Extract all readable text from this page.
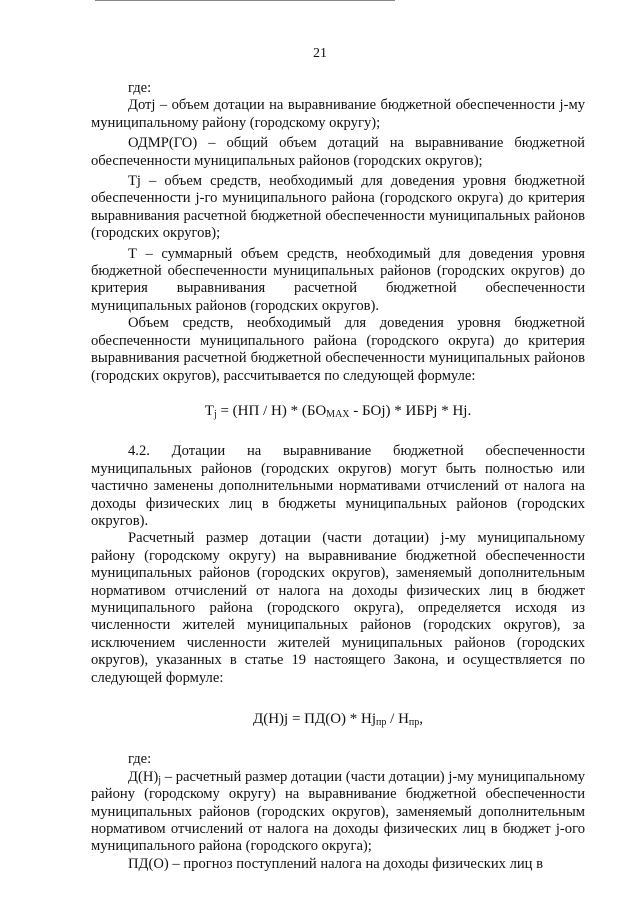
21

где:

Дотj – объем дотации на выравнивание бюджетной обеспеченности j-му муниципальному району (городскому округу);

ОДМР(ГО) – общий объем дотаций на выравнивание бюджетной обеспеченности муниципальных районов (городских округов);

Тj – объем средств, необходимый для доведения уровня бюджетной обеспеченности j-го муниципального района (городского округа) до критерия выравнивания расчетной бюджетной обеспеченности муниципальных районов (городских округов);

Т – суммарный объем средств, необходимый для доведения уровня бюджетной обеспеченности муниципальных районов (городских округов) до критерия выравнивания расчетной бюджетной обеспеченности муниципальных районов (городских округов).

Объем средств, необходимый для доведения уровня бюджетной обеспеченности муниципального района (городского округа) до критерия выравнивания расчетной бюджетной обеспеченности муниципальных районов (городских округов), рассчитывается по следующей формуле:

$T_j = (НП / Н) * (БО_{MAX} - БОj)$ * ИБРj * Нj.

4.2. Дотации на выравнивание бюджетной обеспеченности муниципальных районов (городских округов) могут быть полностью или частично заменены дополнительными нормативами отчислений от налога на доходы физических лиц в бюджеты муниципальных районов (городских округов).

Расчетный размер дотации (части дотации) j-му муниципальному району (городскому округу) на выравнивание бюджетной обеспеченности муниципальных районов (городских округов), заменяемый дополнительным нормативом отчислений от налога на доходы физических лиц в бюджет муниципального района (городского округа), определяется исходя из численности жителей муниципальных районов (городских округов), за исключением численности жителей муниципальных районов (городских округов), указанных в статье 19 настоящего Закона, и осуществляется по следующей формуле:

$Д(Н)j = ПД(О) * Нj_{пр} / Н_{пр}$,

где:

$Д(Н)_j$ – расчетный размер дотации (части дотации) j-му муниципальному району (городскому округу) на выравнивание бюджетной обеспеченности муниципальных районов (городских округов), заменяемый дополнительным нормативом отчислений от налога на доходы физических лиц в бюджет j-ого муниципального района (городского округа);

ПД(О) – прогноз поступлений налога на доходы физических лиц в
